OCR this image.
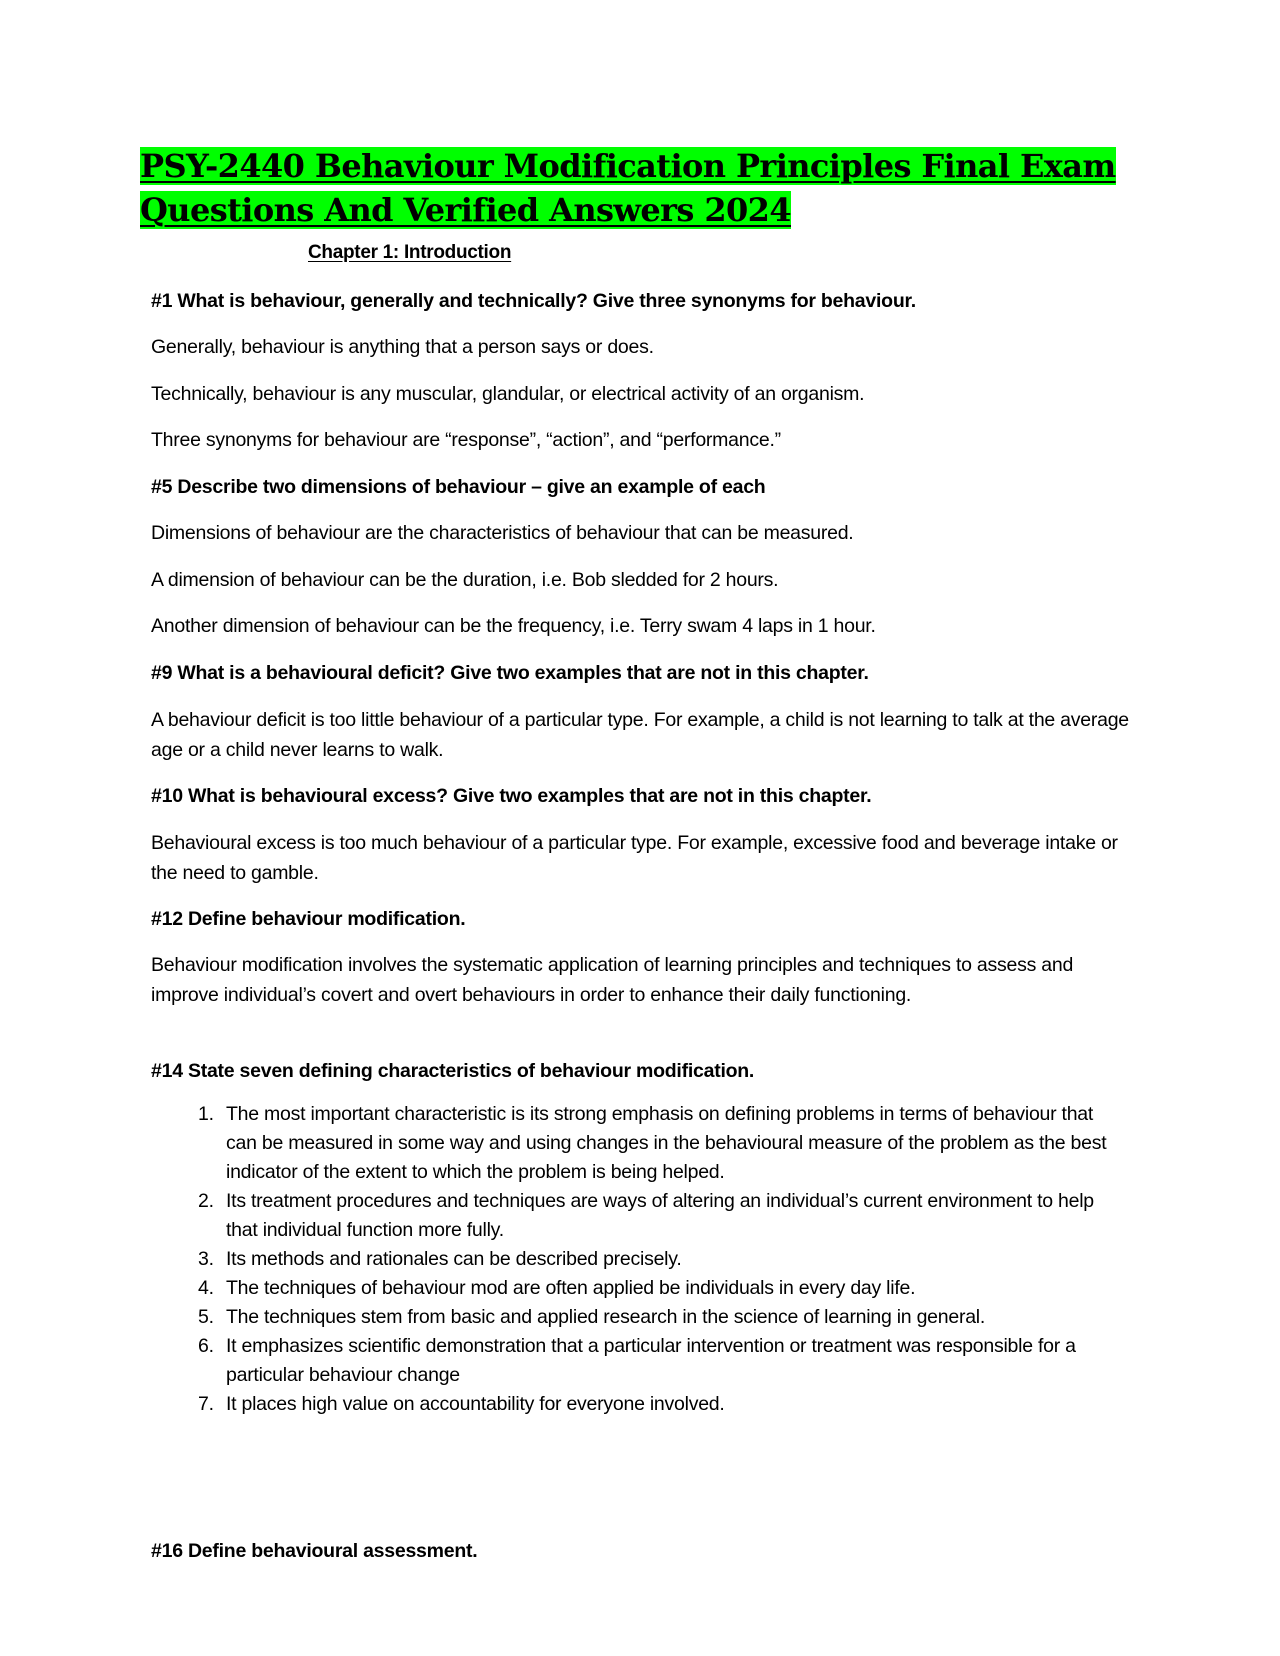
PSY-2440 Behaviour Modification Principles Final Exam
Questions And Verified Answers 2024

Chapter 1: Introduction

#1 What is behaviour, generally and technically? Give three synonyms for behaviour.

Generally, behaviour is anything that a person says or does.

Technically, behaviour is any muscular, glandular, or electrical activity of an organism.

Three synonyms for behaviour are “response”, “action”, and “performance.”

#5 Describe two dimensions of behaviour – give an example of each

Dimensions of behaviour are the characteristics of behaviour that can be measured.

A dimension of behaviour can be the duration, i.e. Bob sledded for 2 hours.

Another dimension of behaviour can be the frequency, i.e. Terry swam 4 laps in 1 hour.

#9 What is a behavioural deficit? Give two examples that are not in this chapter.

A behaviour deficit is too little behaviour of a particular type. For example, a child is not learning to talk at the average age or a child never learns to walk.

#10 What is behavioural excess? Give two examples that are not in this chapter.

Behavioural excess is too much behaviour of a particular type. For example, excessive food and beverage intake or the need to gamble.

#12 Define behaviour modification.

Behaviour modification involves the systematic application of learning principles and techniques to assess and improve individual’s covert and overt behaviours in order to enhance their daily functioning.

#14 State seven defining characteristics of behaviour modification.

1. The most important characteristic is its strong emphasis on defining problems in terms of behaviour that can be measured in some way and using changes in the behavioural measure of the problem as the best indicator of the extent to which the problem is being helped.
2. Its treatment procedures and techniques are ways of altering an individual’s current environment to help that individual function more fully.
3. Its methods and rationales can be described precisely.
4. The techniques of behaviour mod are often applied be individuals in every day life.
5. The techniques stem from basic and applied research in the science of learning in general.
6. It emphasizes scientific demonstration that a particular intervention or treatment was responsible for a particular behaviour change
7. It places high value on accountability for everyone involved.

#16 Define behavioural assessment.
